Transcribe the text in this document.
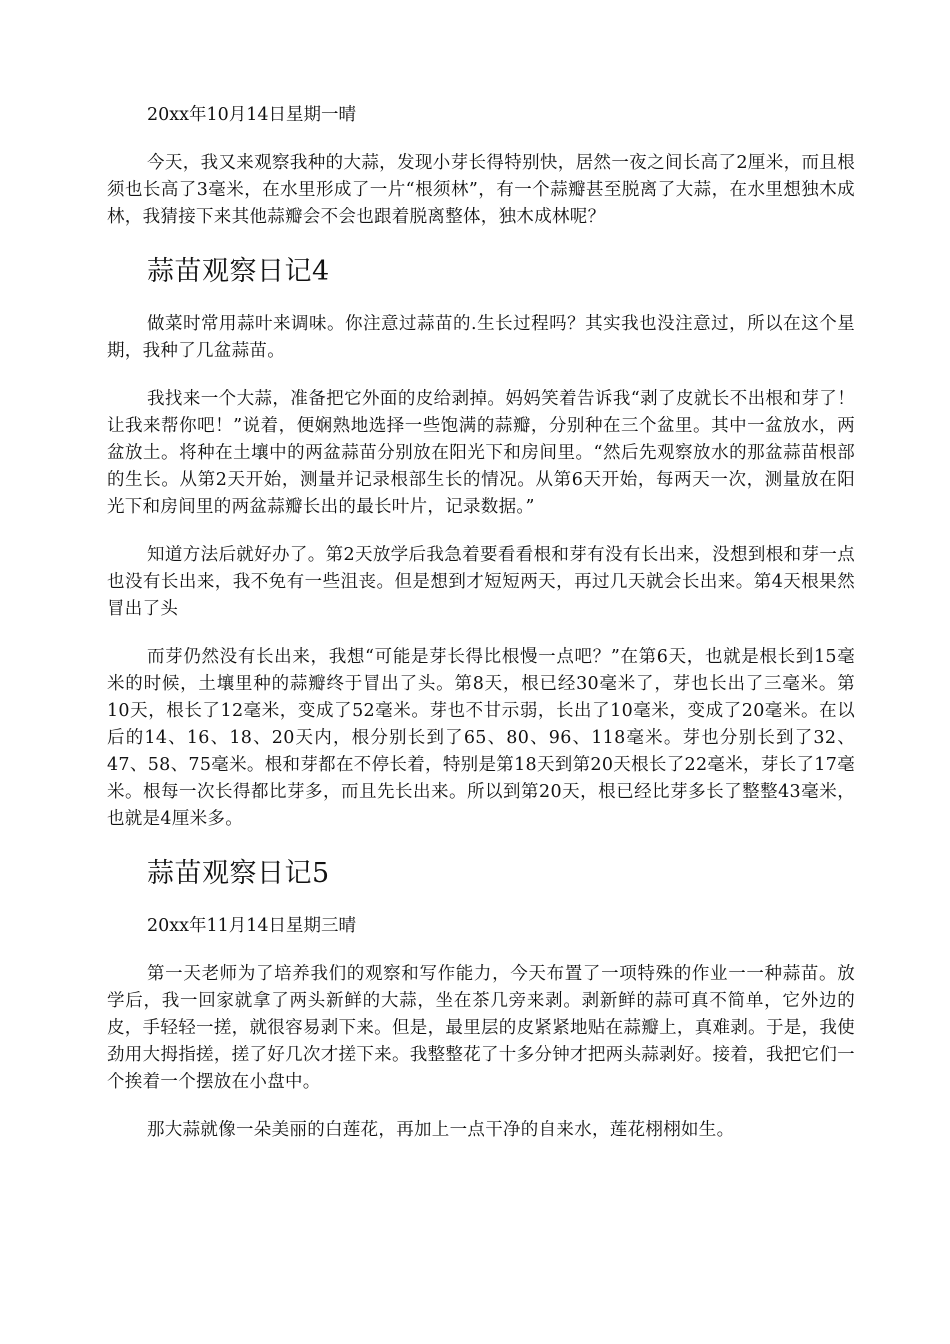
20xx年10月14日星期一晴

今天，我又来观察我种的大蒜，发现小芽长得特别快，居然一夜之间长高了2厘米，而且根须也长高了3毫米，在水里形成了一片“根须林”，有一个蒜瓣甚至脱离了大蒜，在水里想独木成林，我猜接下来其他蒜瓣会不会也跟着脱离整体，独木成林呢？

蒜苗观察日记4

做菜时常用蒜叶来调味。你注意过蒜苗的.生长过程吗？其实我也没注意过，所以在这个星期，我种了几盆蒜苗。

我找来一个大蒜，准备把它外面的皮给剥掉。妈妈笑着告诉我“剥了皮就长不出根和芽了！让我来帮你吧！”说着，便娴熟地选择一些饱满的蒜瓣，分别种在三个盆里。其中一盆放水，两盆放土。将种在土壤中的两盆蒜苗分别放在阳光下和房间里。“然后先观察放水的那盆蒜苗根部的生长。从第2天开始，测量并记录根部生长的情况。从第6天开始，每两天一次，测量放在阳光下和房间里的两盆蒜瓣长出的最长叶片，记录数据。”

知道方法后就好办了。第2天放学后我急着要看看根和芽有没有长出来，没想到根和芽一点也没有长出来，我不免有一些沮丧。但是想到才短短两天，再过几天就会长出来。第4天根果然冒出了头

而芽仍然没有长出来，我想“可能是芽长得比根慢一点吧？”在第6天，也就是根长到15毫米的时候，土壤里种的蒜瓣终于冒出了头。第8天，根已经30毫米了，芽也长出了三毫米。第10天，根长了12毫米，变成了52毫米。芽也不甘示弱，长出了10毫米，变成了20毫米。在以后的14、16、18、20天内，根分别长到了65、80、96、118毫米。芽也分别长到了32、47、58、75毫米。根和芽都在不停长着，特别是第18天到第20天根长了22毫米，芽长了17毫米。根每一次长得都比芽多，而且先长出来。所以到第20天，根已经比芽多长了整整43毫米，也就是4厘米多。

蒜苗观察日记5
20xx年11月14日星期三晴

第一天老师为了培养我们的观察和写作能力，今天布置了一项特殊的作业一一种蒜苗。放学后，我一回家就拿了两头新鲜的大蒜，坐在茶几旁来剥。剥新鲜的蒜可真不简单，它外边的皮，手轻轻一搓，就很容易剥下来。但是，最里层的皮紧紧地贴在蒜瓣上，真难剥。于是，我使劲用大拇指搓，搓了好几次才搓下来。我整整花了十多分钟才把两头蒜剥好。接着，我把它们一个挨着一个摆放在小盘中。

那大蒜就像一朵美丽的白莲花，再加上一点干净的自来水，莲花栩栩如生。
